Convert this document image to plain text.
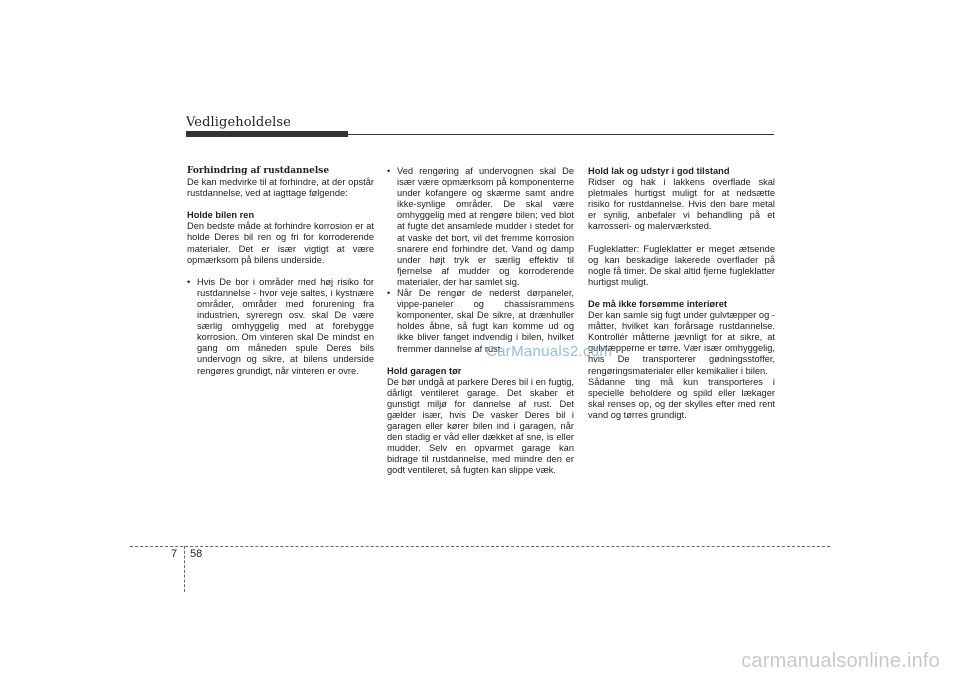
Vedligeholdelse

Forhindring af rustdannelse

De kan medvirke til at forhindre, at der opstår rustdannelse, ved at iagttage følgende:

Holde bilen ren

Den bedste måde at forhindre korrosion er at holde Deres bil ren og fri for korroderende materialer. Det er især vigtigt at være opmærksom på bilens underside.

• Hvis De bor i områder med høj risiko for rustdannelse - hvor veje saltes, i kystnære områder, områder med forurening fra industrien, syreregn osv. skal De være særlig omhyggelig med at forebygge korrosion. Om vinteren skal De mindst en gang om måneden spule Deres bils undervogn og sikre, at bilens underside rengøres grundigt, når vinteren er ovre.
• Ved rengøring af undervognen skal De især være opmærksom på komponenterne under kofangere og skærme samt andre ikke-synlige områder. De skal være omhyggelig med at rengøre bilen; ved blot at fugte det ansamlede mudder i stedet for at vaske det bort, vil det fremme korrosion snarere end forhindre det. Vand og damp under højt tryk er særlig effektiv til fjernelse af mudder og korroderende materialer, der har samlet sig.
• Når De rengør de nederst dørpaneler, vippe-paneler og chassisrammens komponenter, skal De sikre, at drænhuller holdes åbne, så fugt kan komme ud og ikke bliver fanget indvendig i bilen, hvilket fremmer dannelse af rust.

Hold garagen tør

De bør undgå at parkere Deres bil i en fugtig, dårligt ventileret garage. Det skaber et gunstigt miljø for dannelse af rust. Det gælder især, hvis De vasker Deres bil i garagen eller kører bilen ind i garagen, når den stadig er våd eller dækket af sne, is eller mudder. Selv en opvarmet garage kan bidrage til rustdannelse, med mindre den er godt ventileret, så fugten kan slippe væk.

Hold lak og udstyr i god tilstand

Ridser og hak i lakkens overflade skal pletmales hurtigst muligt for at nedsætte risiko for rustdannelse. Hvis den bare metal er synlig, anbefaler vi behandling på et karrosseri- og malerværksted.

Fugleklatter: Fugleklatter er meget ætsende og kan beskadige lakerede overflader på nogle få timer. De skal altid fjerne fugleklatter hurtigst muligt.

De må ikke forsømme interiøret

Der kan samle sig fugt under gulvtæpper og -måtter, hvilket kan forårsage rustdannelse. Kontrollér måtterne jævnligt for at sikre, at gulvtæpperne er tørre. Vær især omhyggelig, hvis De transporterer gødningsstoffer, rengøringsmaterialer eller kemikalier i bilen.

Sådanne ting må kun transporteres i specielle beholdere og spild eller lækager skal renses op, og der skylles efter med rent vand og tørres grundigt.

CarManuals2.com
7 58
carmanualsonline.info
